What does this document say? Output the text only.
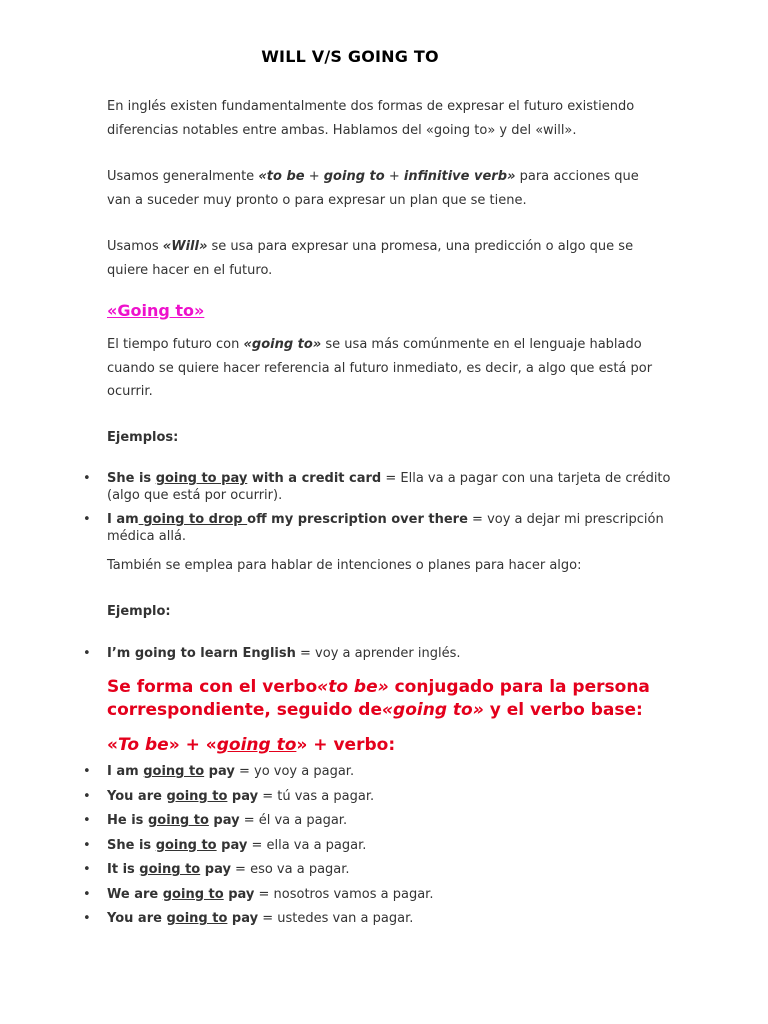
WILL V/S GOING TO

En inglés existen fundamentalmente dos formas de expresar el futuro existiendo diferencias notables entre ambas. Hablamos del «going to» y del «will».

Usamos generalmente «to be + going to + infinitive verb» para acciones que van a suceder muy pronto o para expresar un plan que se tiene.

Usamos «Will» se usa para expresar una promesa, una predicción o algo que se quiere hacer en el futuro.

«Going to»

El tiempo futuro con «going to» se usa más comúnmente en el lenguaje hablado cuando se quiere hacer referencia al futuro inmediato, es decir, a algo que está por ocurrir.

Ejemplos:

• She is going to pay with a credit card = Ella va a pagar con una tarjeta de crédito (algo que está por ocurrir).
• I am going to drop off my prescription over there = voy a dejar mi prescripción médica allá.

También se emplea para hablar de intenciones o planes para hacer algo:

Ejemplo:

• I’m going to learn English = voy a aprender inglés.

Se forma con el verbo«to be» conjugado para la persona correspondiente, seguido de«going to» y el verbo base:

«To be» + «going to» + verbo:

• I am going to pay = yo voy a pagar.
• You are going to pay = tú vas a pagar.
• He is going to pay = él va a pagar.
• She is going to pay = ella va a pagar.
• It is going to pay = eso va a pagar.
• We are going to pay = nosotros vamos a pagar.
• You are going to pay = ustedes van a pagar.
